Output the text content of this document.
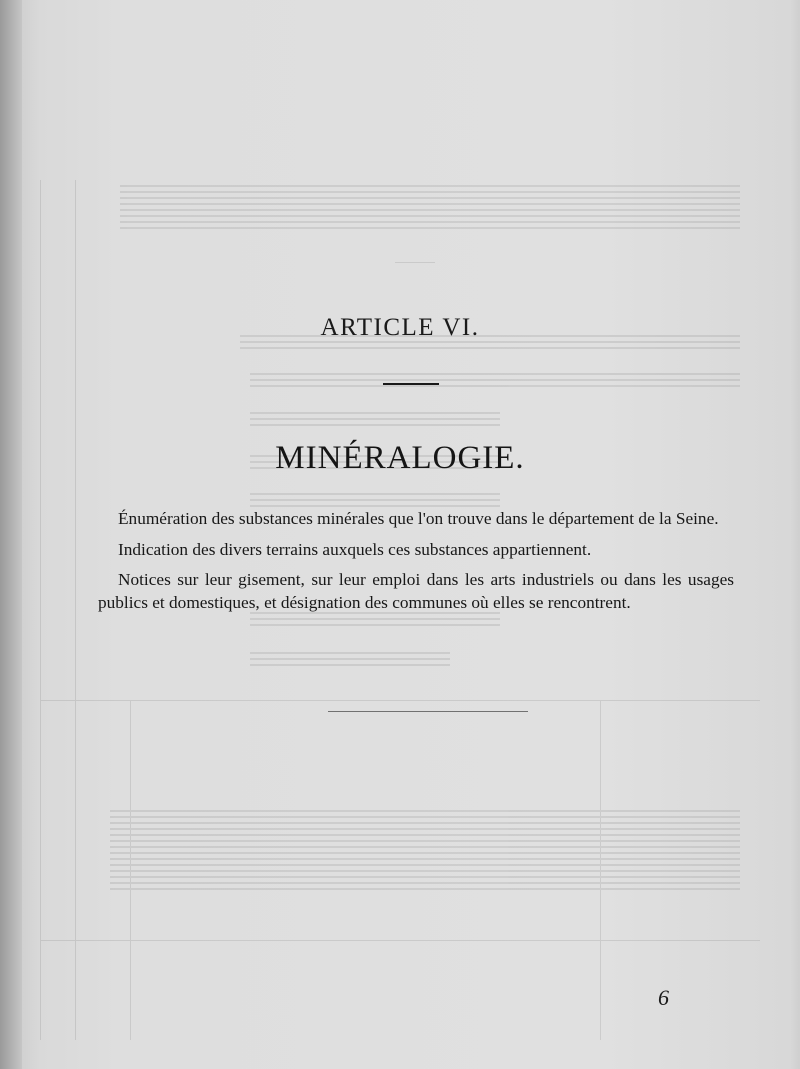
ARTICLE VI.
MINÉRALOGIE.

Énumération des substances minérales que l'on trouve dans le département de la Seine.

Indication des divers terrains auxquels ces substances appartiennent.

Notices sur leur gisement, sur leur emploi dans les arts industriels ou dans les usages publics et domestiques, et désignation des communes où elles se rencontrent.

6
